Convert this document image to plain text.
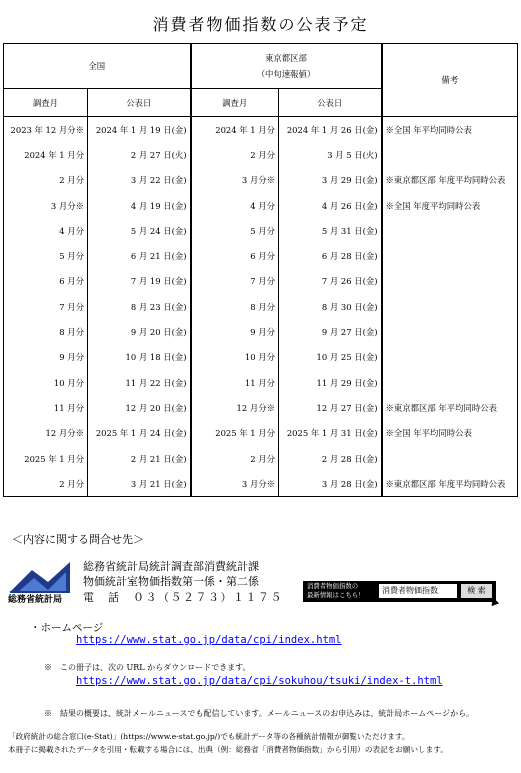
消費者物価指数の公表予定
全国		東京都区部
（中旬速報値）		備考
調査月	公表日	調査月	公表日	
2023 年 12 月分※	2024 年 1 月 19 日(金)	2024 年 1 月分	2024 年 1 月 26 日(金)	※全国 年平均同時公表
2024 年 1 月分	2 月 27 日(火)	2 月分	3 月 5 日(火)	
2 月分	3 月 22 日(金)	3 月分※	3 月 29 日(金)	※東京都区部 年度平均同時公表
3 月分※	4 月 19 日(金)	4 月分	4 月 26 日(金)	※全国 年度平均同時公表
4 月分	5 月 24 日(金)	5 月分	5 月 31 日(金)	
5 月分	6 月 21 日(金)	6 月分	6 月 28 日(金)	
6 月分	7 月 19 日(金)	7 月分	7 月 26 日(金)	
7 月分	8 月 23 日(金)	8 月分	8 月 30 日(金)	
8 月分	9 月 20 日(金)	9 月分	9 月 27 日(金)	
9 月分	10 月 18 日(金)	10 月分	10 月 25 日(金)	
10 月分	11 月 22 日(金)	11 月分	11 月 29 日(金)	
11 月分	12 月 20 日(金)	12 月分※	12 月 27 日(金)	※東京都区部 年平均同時公表
12 月分※	2025 年 1 月 24 日(金)	2025 年 1 月分	2025 年 1 月 31 日(金)	※全国 年平均同時公表
2025 年 1 月分	2 月 21 日(金)	2 月分	2 月 28 日(金)	
2 月分	3 月 21 日(金)	3 月分※	3 月 28 日(金)	※東京都区部 年度平均同時公表
＜内容に関する問合せ先＞
総務省統計局
総務省統計局統計調査部消費統計課
物価統計室物価指数第一係・第二係
電　話　０３（５２７３）１１７５
消費者物価指数の
最新情報はこちら！	消費者物価指数	検 索
・ホームページ
https://www.stat.go.jp/data/cpi/index.html
※　この冊子は、次の URL からダウンロードできます。
https://www.stat.go.jp/data/cpi/sokuhou/tsuki/index-t.html
※　結果の概要は、統計メールニュースでも配信しています。メールニュースのお申込みは、統計局ホームページから。
「政府統計の総合窓口(e-Stat)」(https://www.e-stat.go.jp/)でも統計データ等の各種統計情報が御覧いただけます。
本冊子に掲載されたデータを引用・転載する場合には、出典（例：総務省「消費者物価指数」から引用）の表記をお願いします。
